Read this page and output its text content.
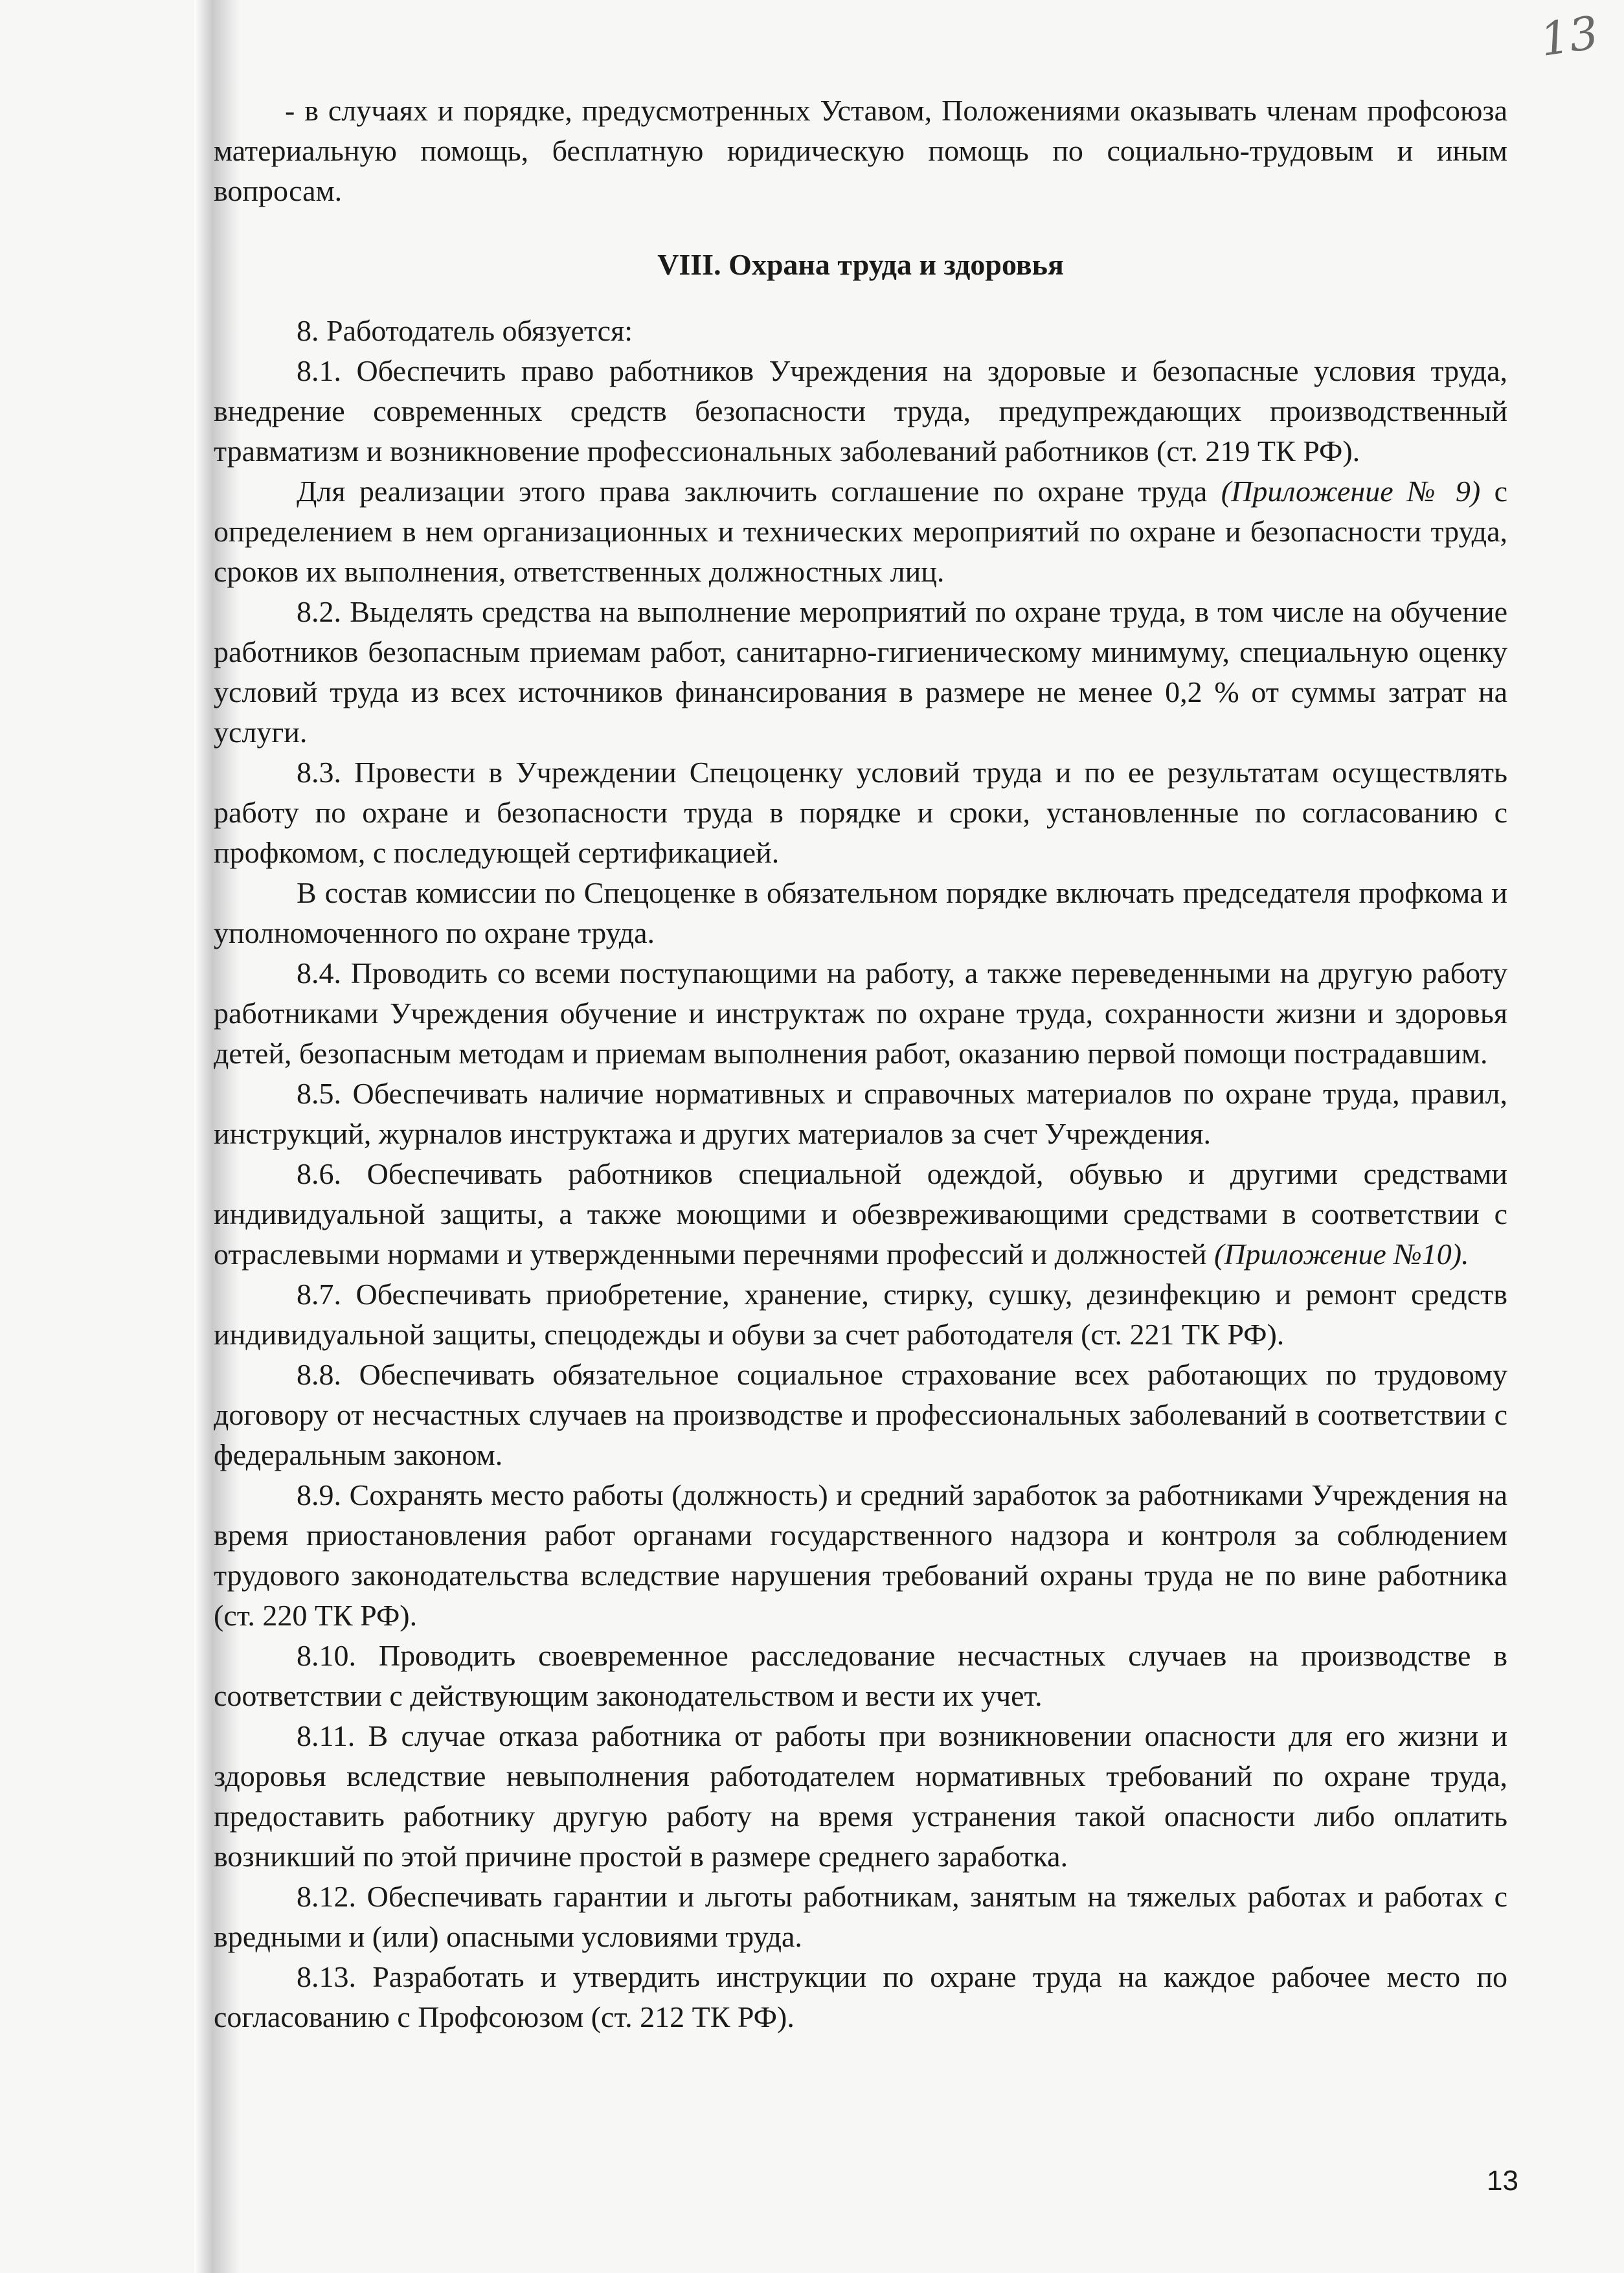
13

- в случаях и порядке, предусмотренных Уставом, Положениями оказывать членам профсоюза материальную помощь, бесплатную юридическую помощь по социально-трудовым и иным вопросам.

VIII. Охрана труда и здоровья

8. Работодатель обязуется:

8.1. Обеспечить право работников Учреждения на здоровые и безопасные условия труда, внедрение современных средств безопасности труда, предупреждающих производственный травматизм и возникновение профессиональных заболеваний работников (ст. 219 ТК РФ).

Для реализации этого права заключить соглашение по охране труда (Приложение № 9) с определением в нем организационных и технических мероприятий по охране и безопасности труда, сроков их выполнения, ответственных должностных лиц.

8.2. Выделять средства на выполнение мероприятий по охране труда, в том числе на обучение работников безопасным приемам работ, санитарно-гигиеническому минимуму, специальную оценку условий труда из всех источников финансирования в размере не менее 0,2 % от суммы затрат на услуги.

8.3. Провести в Учреждении Спецоценку условий труда и по ее результатам осуществлять работу по охране и безопасности труда в порядке и сроки, установленные по согласованию с профкомом, с последующей сертификацией.

В состав комиссии по Спецоценке в обязательном порядке включать председателя профкома и уполномоченного по охране труда.

8.4. Проводить со всеми поступающими на работу, а также переведенными на другую работу работниками Учреждения обучение и инструктаж по охране труда, сохранности жизни и здоровья детей, безопасным методам и приемам выполнения работ, оказанию первой помощи пострадавшим.

8.5. Обеспечивать наличие нормативных и справочных материалов по охране труда, правил, инструкций, журналов инструктажа и других материалов за счет Учреждения.

8.6. Обеспечивать работников специальной одеждой, обувью и другими средствами индивидуальной защиты, а также моющими и обезвреживающими средствами в соответствии с отраслевыми нормами и утвержденными перечнями профессий и должностей (Приложение №10).

8.7. Обеспечивать приобретение, хранение, стирку, сушку, дезинфекцию и ремонт средств индивидуальной защиты, спецодежды и обуви за счет работодателя (ст. 221 ТК РФ).

8.8. Обеспечивать обязательное социальное страхование всех работающих по трудовому договору от несчастных случаев на производстве и профессиональных заболеваний в соответствии с федеральным законом.

8.9. Сохранять место работы (должность) и средний заработок за работниками Учреждения на время приостановления работ органами государственного надзора и контроля за соблюдением трудового законодательства вследствие нарушения требований охраны труда не по вине работника (ст. 220 ТК РФ).

8.10. Проводить своевременное расследование несчастных случаев на производстве в соответствии с действующим законодательством и вести их учет.

8.11. В случае отказа работника от работы при возникновении опасности для его жизни и здоровья вследствие невыполнения работодателем нормативных требований по охране труда, предоставить работнику другую работу на время устранения такой опасности либо оплатить возникший по этой причине простой в размере среднего заработка.

8.12. Обеспечивать гарантии и льготы работникам, занятым на тяжелых работах и работах с вредными и (или) опасными условиями труда.

8.13. Разработать и утвердить инструкции по охране труда на каждое рабочее место по согласованию с Профсоюзом (ст. 212 ТК РФ).

13
